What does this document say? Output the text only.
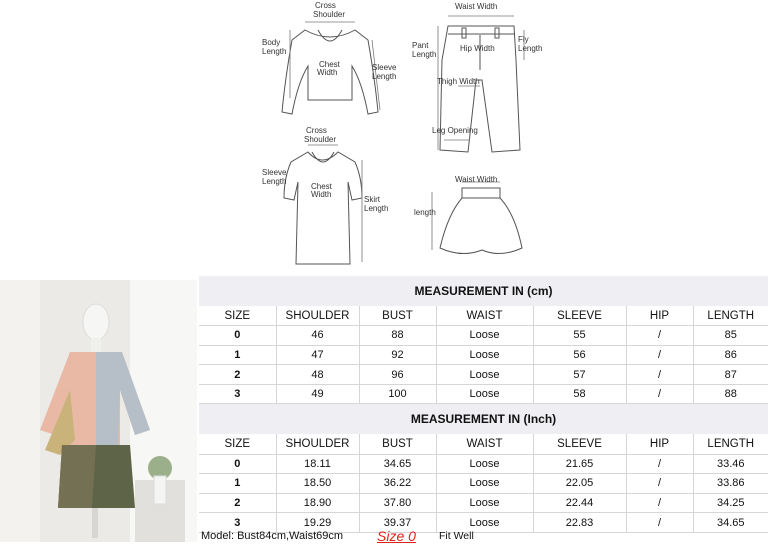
Cross
Shoulder
Body
Length
Chest
Width
Sleeve
Length
Waist Width
Pant
Length
Hip Width
Fly
Length
Thigh Width
Leg Opening
Cross
Shoulder
Sleeve
Length
Chest
Width
Skirt
Length
Waist Width
length
MEASUREMENT IN (cm)
SIZE	SHOULDER	BUST	WAIST	SLEEVE	HIP	LENGTH
0	46	88	Loose	55	/	85
1	47	92	Loose	56	/	86
2	48	96	Loose	57	/	87
3	49	100	Loose	58	/	88
MEASUREMENT IN (Inch)
SIZE	SHOULDER	BUST	WAIST	SLEEVE	HIP	LENGTH
0	18.11	34.65	Loose	21.65	/	33.46
1	18.50	36.22	Loose	22.05	/	33.86
2	18.90	37.80	Loose	22.44	/	34.25
3	19.29	39.37	Loose	22.83	/	34.65
Model: Bust84cm,Waist69cm Size 0 Fit Well
